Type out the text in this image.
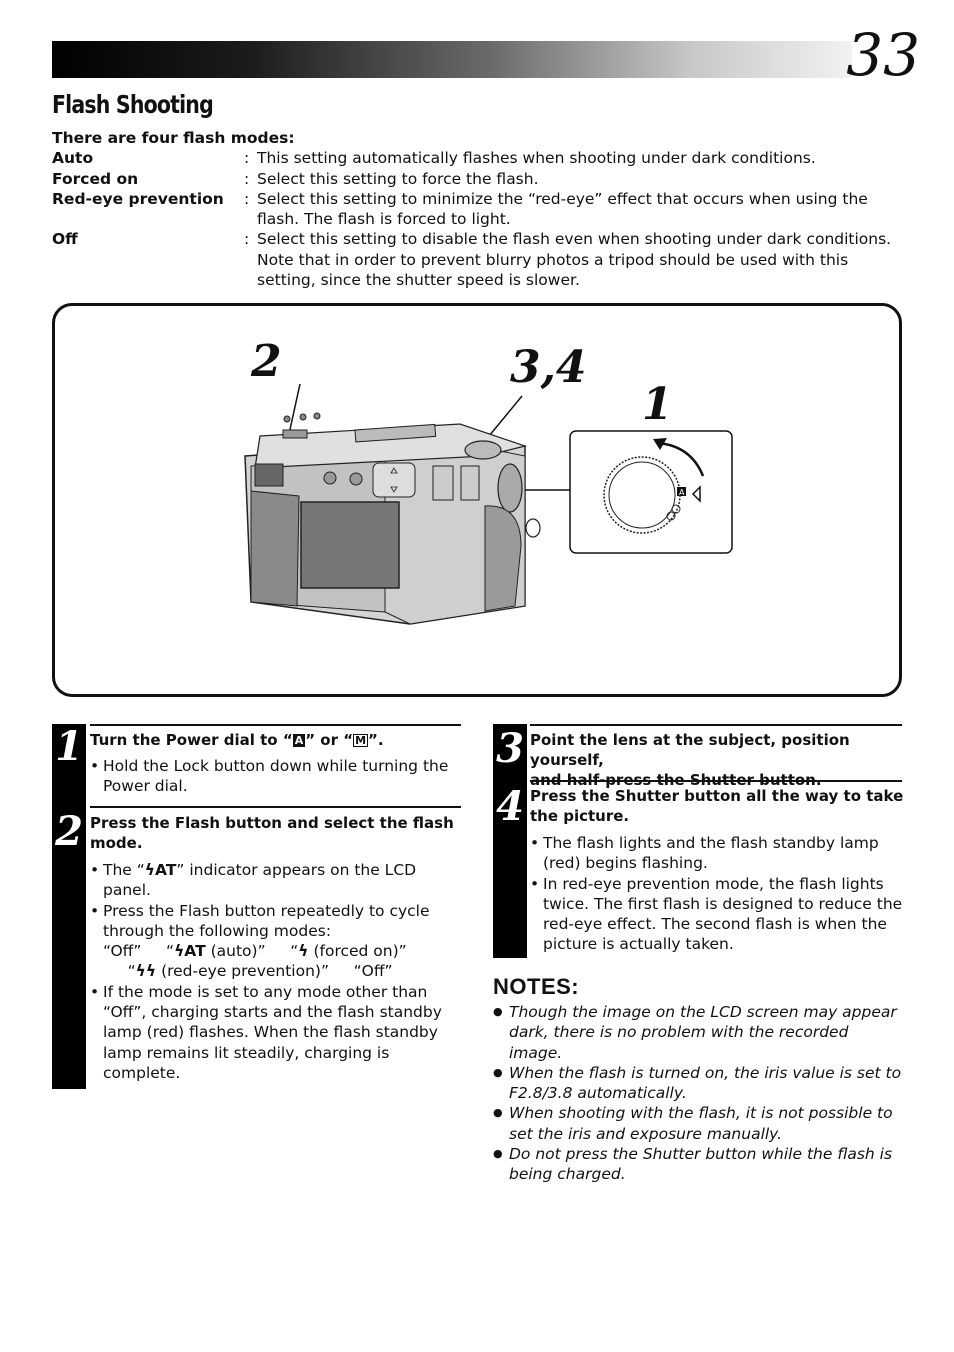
33
Flash Shooting
There are four flash modes:
Auto	: This setting automatically flashes when shooting under dark conditions.
Forced on	: Select this setting to force the flash.
Red-eye prevention	: Select this setting to minimize the “red-eye” effect that occurs when using the
flash. The flash is forced to light.
Off	: Select this setting to disable the flash even when shooting under dark conditions.
Note that in order to prevent blurry photos a tripod should be used with this
setting, since the shutter speed is slower.
A
2	3,4
1
1
2
Turn the Power dial to “ A ” or “ M ”.
• Hold the Lock button down while turning the
Power dial.
Press the Flash button and select the flash
mode.
• The “ϟAT” indicator appears on the LCD
panel.
• Press the Flash button repeatedly to cycle
through the following modes:
“Off”     “ϟAT (auto)”     “ϟ (forced on)”
“ϟϟ (red-eye prevention)” “Off”
• If the mode is set to any mode other than
“Off”, charging starts and the flash standby
lamp (red) flashes. When the flash standby
lamp remains lit steadily, charging is
complete.
3
4
Point the lens at the subject, position yourself,
and half-press the Shutter button.
Press the Shutter button all the way to take
the picture.
• The flash lights and the flash standby lamp
(red) begins flashing.
• In red-eye prevention mode, the flash lights
twice. The first flash is designed to reduce the
red-eye effect. The second flash is when the
picture is actually taken.
NOTES:
● Though the image on the LCD screen may appear
dark, there is no problem with the recorded
image.
● When the flash is turned on, the iris value is set to
F2.8/3.8 automatically.
● When shooting with the flash, it is not possible to
set the iris and exposure manually.
● Do not press the Shutter button while the flash is
being charged.
